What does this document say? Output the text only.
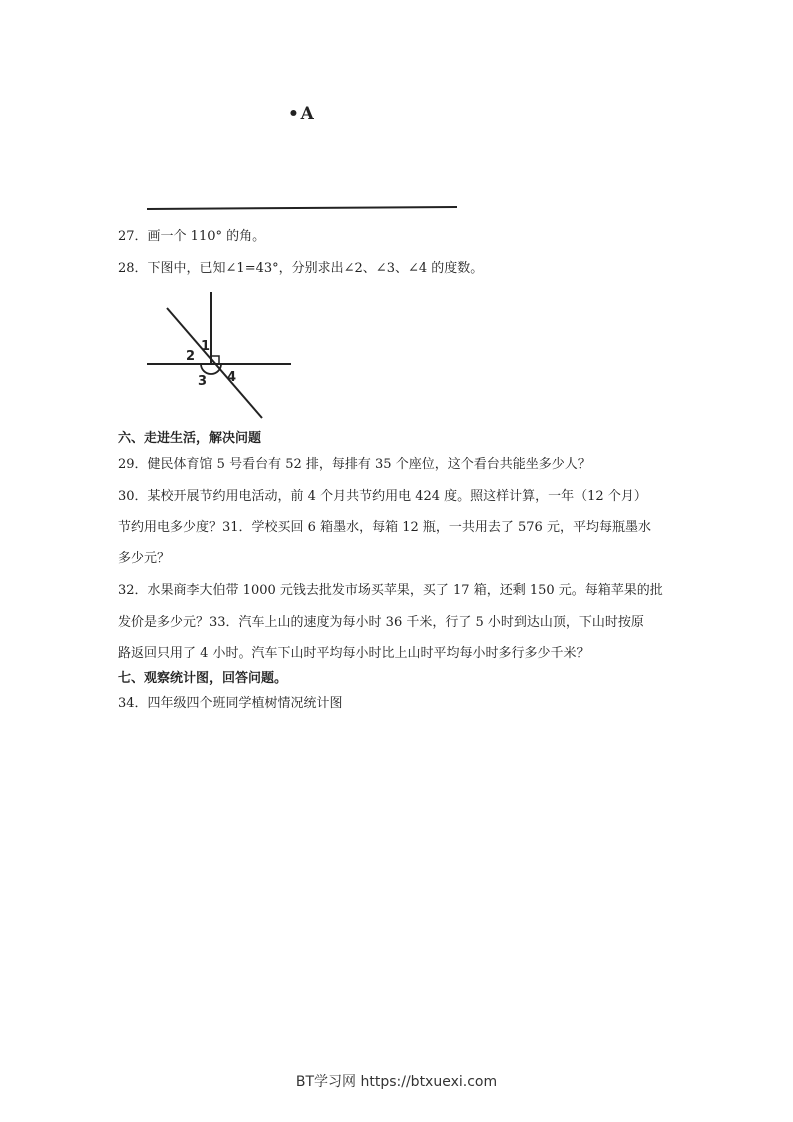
• A
27．画一个 110° 的角。
28．下图中，已知∠1=43°，分别求出∠2、∠3、∠4 的度数。
1
2
3 4
六、走进生活，解决问题
29．健民体育馆 5 号看台有 52 排，每排有 35 个座位，这个看台共能坐多少人？
30．某校开展节约用电活动，前 4 个月共节约用电 424 度。照这样计算，一年（12 个月）
节约用电多少度？31．学校买回 6 箱墨水，每箱 12 瓶，一共用去了 576 元，平均每瓶墨水
多少元？
32．水果商李大伯带 1000 元钱去批发市场买苹果，买了 17 箱，还剩 150 元。每箱苹果的批
发价是多少元？33．汽车上山的速度为每小时 36 千米，行了 5 小时到达山顶，下山时按原
路返回只用了 4 小时。汽车下山时平均每小时比上山时平均每小时多行多少千米？
七、观察统计图，回答问题。
34．四年级四个班同学植树情况统计图
BT学习网 https://btxuexi.com
